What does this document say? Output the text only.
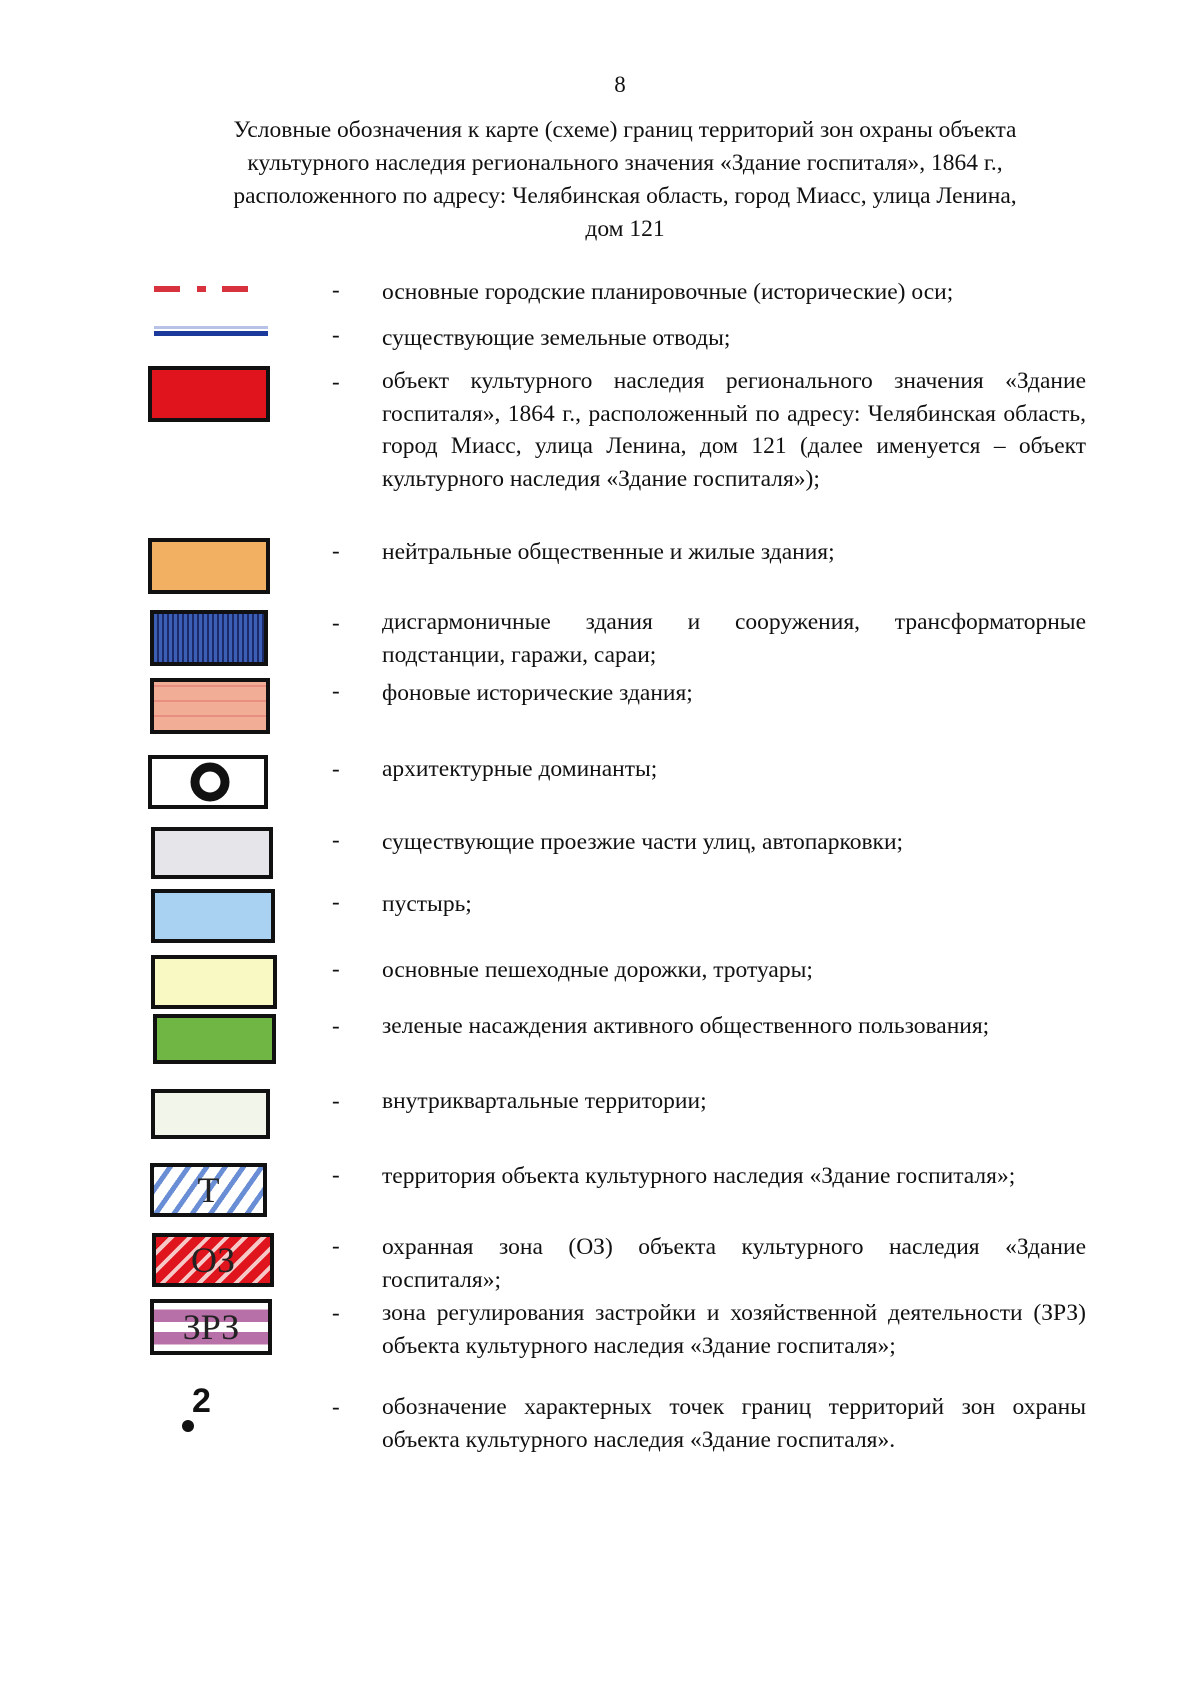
8
Условные обозначения к карте (схеме) границ территорий зон охраны объекта
культурного наследия регионального значения «Здание госпиталя», 1864 г.,
расположенного по адресу: Челябинская область, город Миасс, улица Ленина,
дом 121
- основные городские планировочные (исторические) оси;
- существующие земельные отводы;
- объект культурного наследия регионального значения «Здание госпиталя», 1864 г., расположенный по адресу: Челябинская область, город Миасс, улица Ленина, дом 121 (далее именуется – объект культурного наследия «Здание госпиталя»);
- нейтральные общественные и жилые здания;
- дисгармоничные здания и сооружения, трансформаторные подстанции, гаражи, сараи;
- фоновые исторические здания;
- архитектурные доминанты;
- существующие проезжие части улиц, автопарковки;
- пустырь;
- основные пешеходные дорожки, тротуары;
- зеленые насаждения активного общественного пользования;
- внутриквартальные территории;
Т	- территория объекта культурного наследия «Здание госпиталя»;
ОЗ	- охранная зона (ОЗ) объекта культурного наследия «Здание госпиталя»;
ЗРЗ	- зона регулирования застройки и хозяйственной деятельности (ЗРЗ) объекта культурного наследия «Здание госпиталя»;
2	- обозначение характерных точек границ территорий зон охраны объекта культурного наследия «Здание госпиталя».
